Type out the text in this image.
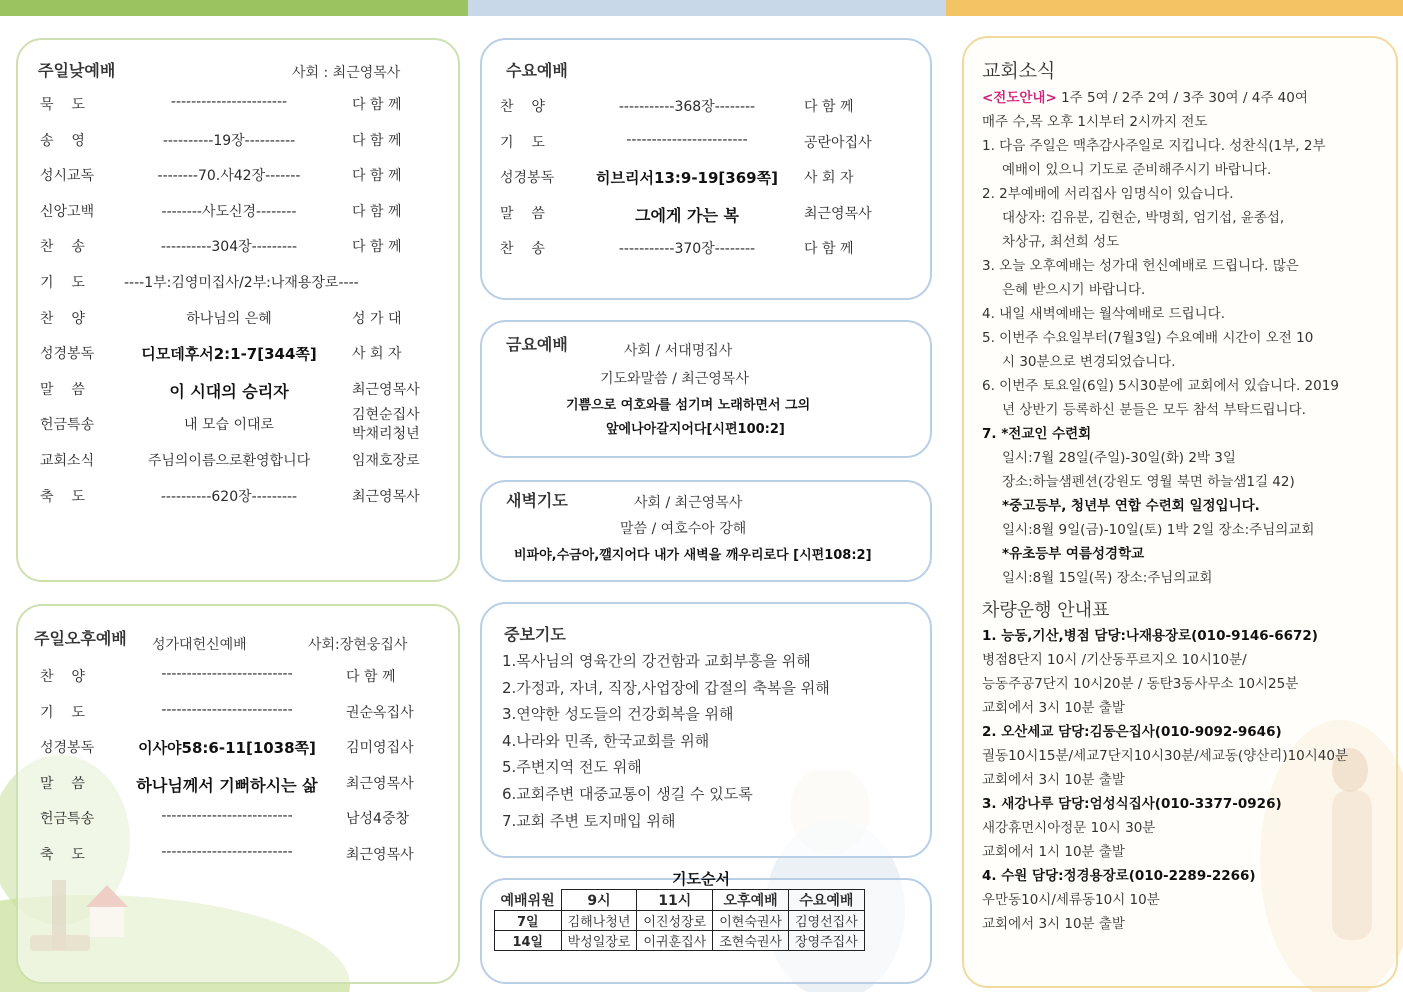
주일낮예배	사회 : 최근영목사
묵    도	-----------------------	다 함 께
송    영	----------19장----------	다 함 께
성시교독	--------70.사42장-------	다 함 께
신앙고백	--------사도신경--------	다 함 께
찬    송	----------304장---------	다 함 께
기    도	----1부:김영미집사/2부:나재용장로----
찬    양	하나님의 은혜	성 가 대
성경봉독	디모데후서2:1-7[344쪽]	사 회 자
말    씀	이 시대의 승리자	최근영목사
헌금특송	내 모습 이대로
김현순집사
박채리청년
교회소식	주님의이름으로환영합니다	임재호장로
축    도	----------620장---------	최근영목사
주일오후예배 성가대헌신예배	사회:장현웅집사
찬    양	--------------------------	다 함 께
기    도	--------------------------	권순옥집사
성경봉독	이사야58:6-11[1038쪽]	김미영집사
말    씀	하나님께서 기뻐하시는 삶	최근영목사
헌금특송	--------------------------	남성4중창
축    도	--------------------------	최근영목사
수요예배
찬    양	-----------368장--------	다 함 께
기    도	------------------------	공란아집사
성경봉독	히브리서13:9-19[369쪽]	사 회 자
말    씀	그에게 가는 복	최근영목사
찬    송	-----------370장--------	다 함 께
금요예배	사회 / 서대명집사
기도와말씀 / 최근영목사
기쁨으로 여호와를 섬기며 노래하면서 그의
앞에나아갈지어다[시편100:2]
새벽기도	사회 / 최근영목사
말씀 / 여호수아 강해
비파야,수금아,깰지어다 내가 새벽을 깨우리로다 [시편108:2]
중보기도
1.목사님의 영육간의 강건함과 교회부흥을 위해
2.가정과, 자녀, 직장,사업장에 갑절의 축복을 위해
3.연약한 성도들의 건강회복을 위해
4.나라와 민족, 한국교회를 위해
5.주변지역 전도 위해
6.교회주변 대중교통이 생길 수 있도록
7.교회 주변 토지매입 위해
기도순서
예배위원	9시	11시	오후예배	수요예배
7일	김해나청년	이진성장로	이현숙권사	김영선집사
14일	박성일장로	이귀훈집사	조현숙권사	장영주집사
교회소식
<전도안내> 1주 5여 / 2주 2여 / 3주 30여 / 4주 40여
매주 수,목 오후 1시부터 2시까지 전도
1. 다음 주일은 맥추감사주일로 지킵니다. 성찬식(1부, 2부
예배이 있으니 기도로 준비해주시기 바랍니다.
2. 2부예배에 서리집사 임명식이 있습니다.
대상자: 김유분, 김현순, 박명희, 엄기섭, 윤종섭,
차상규, 최선희 성도
3. 오늘 오후예배는 성가대 헌신예배로 드립니다. 많은
은혜 받으시기 바랍니다.
4. 내일 새벽예배는 월삭예배로 드립니다.
5. 이번주 수요일부터(7월3일) 수요예배 시간이 오전 10
시 30분으로 변경되었습니다.
6. 이번주 토요일(6일) 5시30분에 교회에서 있습니다. 2019
년 상반기 등록하신 분들은 모두 참석 부탁드립니다.
7. *전교인 수련회
일시:7월 28일(주일)-30일(화) 2박 3일
장소:하늘샘펜션(강원도 영월 북면 하늘샘1길 42)
*중고등부, 청년부 연합 수련회 일정입니다.
일시:8월 9일(금)-10일(토) 1박 2일 장소:주님의교회
*유초등부 여름성경학교
일시:8월 15일(목) 장소:주님의교회
차량운행 안내표
1. 능동,기산,병점 담당:나재용장로(010-9146-6672)
병점8단지 10시 /기산동푸르지오 10시10분/
능동주공7단지 10시20분 / 동탄3동사무소 10시25분
교회에서 3시 10분 출발
2. 오산세교 담당:김동은집사(010-9092-9646)
궐동10시15분/세교7단지10시30분/세교동(양산리)10시40분
교회에서 3시 10분 출발
3. 새강나루 담당:엄성식집사(010-3377-0926)
새강휴먼시아정문 10시 30분
교회에서 1시 10분 출발
4. 수원 담당:정경용장로(010-2289-2266)
우만동10시/세류동10시 10분
교회에서 3시 10분 출발
